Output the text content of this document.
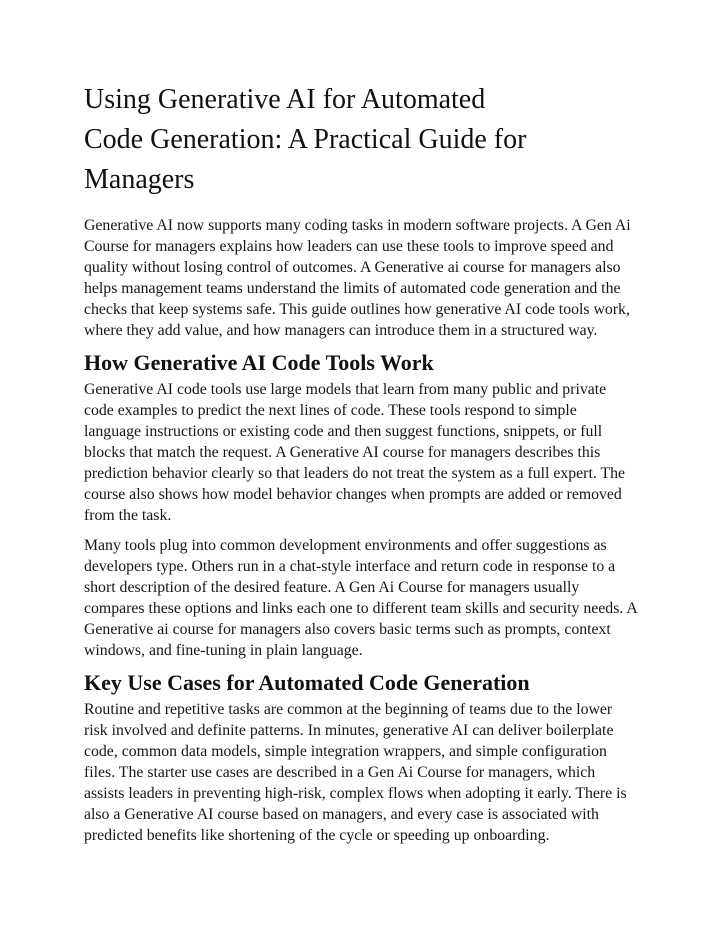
Using Generative AI for Automated Code Generation: A Practical Guide for Managers

Generative AI now supports many coding tasks in modern software projects. A Gen Ai Course for managers explains how leaders can use these tools to improve speed and quality without losing control of outcomes. A Generative ai course for managers also helps management teams understand the limits of automated code generation and the checks that keep systems safe. This guide outlines how generative AI code tools work, where they add value, and how managers can introduce them in a structured way.

How Generative AI Code Tools Work

Generative AI code tools use large models that learn from many public and private code examples to predict the next lines of code. These tools respond to simple language instructions or existing code and then suggest functions, snippets, or full blocks that match the request. A Generative AI course for managers describes this prediction behavior clearly so that leaders do not treat the system as a full expert. The course also shows how model behavior changes when prompts are added or removed from the task.

Many tools plug into common development environments and offer suggestions as developers type. Others run in a chat-style interface and return code in response to a short description of the desired feature. A Gen Ai Course for managers usually compares these options and links each one to different team skills and security needs. A Generative ai course for managers also covers basic terms such as prompts, context windows, and fine-tuning in plain language.

Key Use Cases for Automated Code Generation

Routine and repetitive tasks are common at the beginning of teams due to the lower risk involved and definite patterns. In minutes, generative AI can deliver boilerplate code, common data models, simple integration wrappers, and simple configuration files. The starter use cases are described in a Gen Ai Course for managers, which assists leaders in preventing high-risk, complex flows when adopting it early. There is also a Generative AI course based on managers, and every case is associated with predicted benefits like shortening of the cycle or speeding up onboarding.
